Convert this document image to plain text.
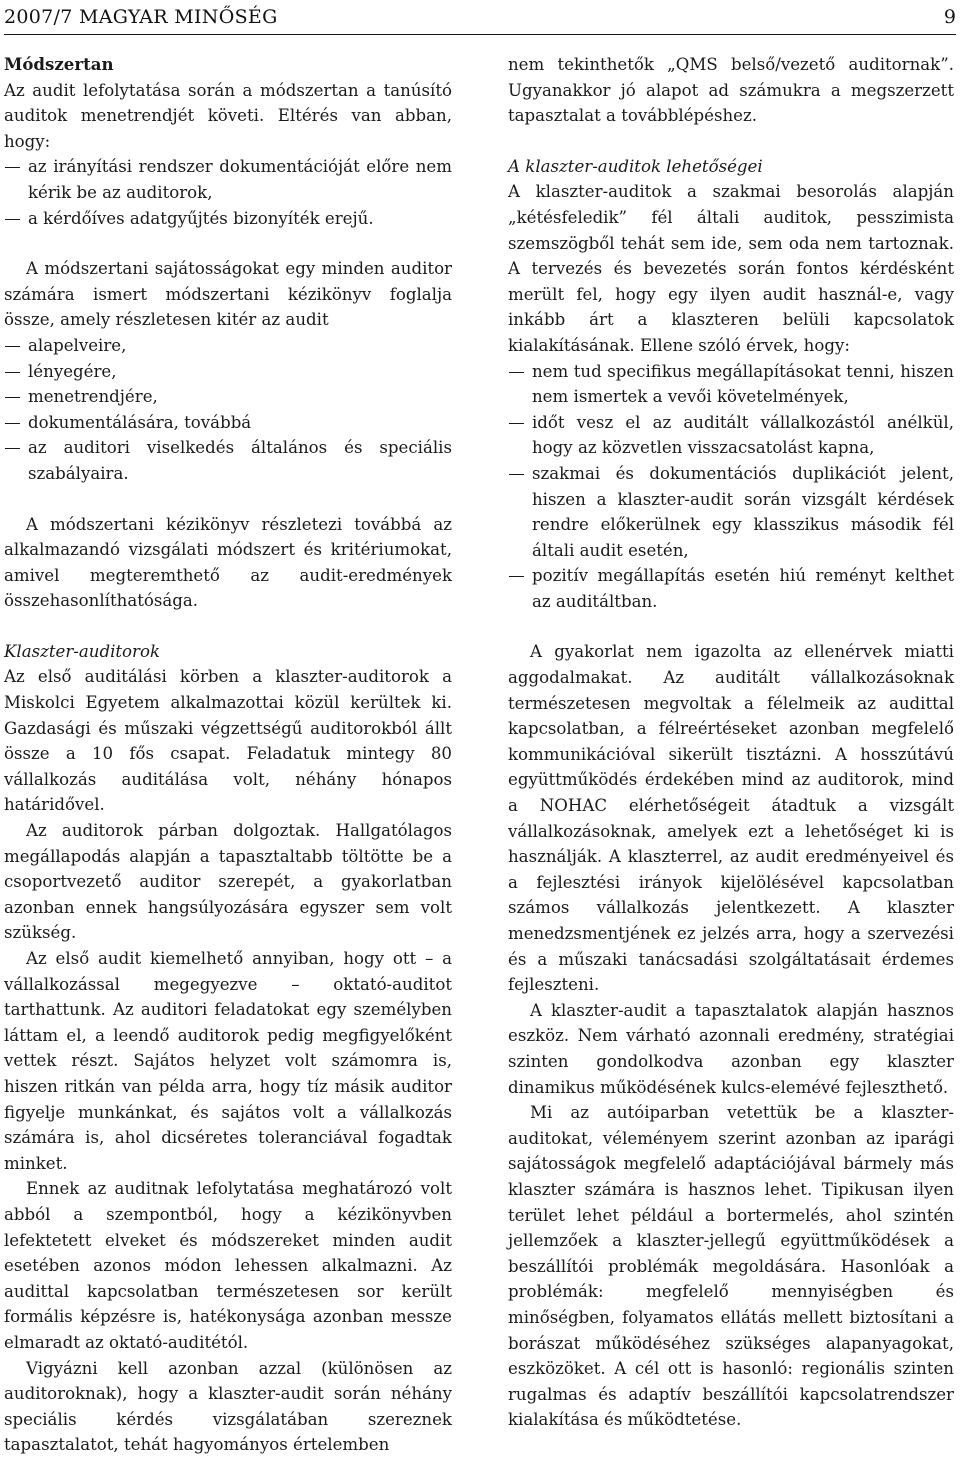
2007/7 MAGYAR MINŐSÉG	9

Módszertan

Az audit lefolytatása során a módszertan a tanúsító auditok menetrendjét követi. Eltérés van abban, hogy:

az irányítási rendszer dokumentációját előre nem kérik be az auditorok,
a kérdőíves adatgyűjtés bizonyíték erejű.

A módszertani sajátosságokat egy minden auditor számára ismert módszertani kézikönyv foglalja össze, amely részletesen kitér az audit

alapelveire,
lényegére,
menetrendjére,
dokumentálására, továbbá
az auditori viselkedés általános és speciális szabályaira.

A módszertani kézikönyv részletezi továbbá az alkalmazandó vizsgálati módszert és kritériumokat, amivel megteremthető az audit-eredmények összehasonlíthatósága.

Klaszter-auditorok

Az első auditálási körben a klaszter-auditorok a Miskolci Egyetem alkalmazottai közül kerültek ki. Gazdasági és műszaki végzettségű auditorokból állt össze a 10 fős csapat. Feladatuk mintegy 80 vállalkozás auditálása volt, néhány hónapos határidővel.

Az auditorok párban dolgoztak. Hallgatólagos megállapodás alapján a tapasztaltabb töltötte be a csoportvezető auditor szerepét, a gyakorlatban azonban ennek hangsúlyozására egyszer sem volt szükség.

Az első audit kiemelhető annyiban, hogy ott – a vállalkozással megegyezve – oktató-auditot tarthattunk. Az auditori feladatokat egy személyben láttam el, a leendő auditorok pedig megfigyelőként vettek részt. Sajátos helyzet volt számomra is, hiszen ritkán van példa arra, hogy tíz másik auditor figyelje munkánkat, és sajátos volt a vállalkozás számára is, ahol dicséretes toleranciával fogadtak minket.

Ennek az auditnak lefolytatása meghatározó volt abból a szempontból, hogy a kézikönyvben lefektetett elveket és módszereket minden audit esetében azonos módon lehessen alkalmazni. Az audittal kapcsolatban természetesen sor került formális képzésre is, hatékonysága azonban messze elmaradt az oktató-auditétól.

Vigyázni kell azonban azzal (különösen az auditoroknak), hogy a klaszter-audit során néhány speciális kérdés vizsgálatában szereznek tapasztalatot, tehát hagyományos értelemben

nem tekinthetők „QMS belső/vezető auditornak”. Ugyanakkor jó alapot ad számukra a megszerzett tapasztalat a továbblépéshez.

A klaszter-auditok lehetőségei

A klaszter-auditok a szakmai besorolás alapján „kétésfeledik” fél általi auditok, pesszimista szemszögből tehát sem ide, sem oda nem tartoznak. A tervezés és bevezetés során fontos kérdésként merült fel, hogy egy ilyen audit használ-e, vagy inkább árt a klaszteren belüli kapcsolatok kialakításának. Ellene szóló érvek, hogy:

nem tud specifikus megállapításokat tenni, hiszen nem ismertek a vevői követelmények,
időt vesz el az auditált vállalkozástól anélkül, hogy az közvetlen visszacsatolást kapna,
szakmai és dokumentációs duplikációt jelent, hiszen a klaszter-audit során vizsgált kérdések rendre előkerülnek egy klasszikus második fél általi audit esetén,
pozitív megállapítás esetén hiú reményt kelthet az auditáltban.

A gyakorlat nem igazolta az ellenérvek miatti aggodalmakat. Az auditált vállalkozásoknak természetesen megvoltak a félelmeik az audittal kapcsolatban, a félreértéseket azonban megfelelő kommunikációval sikerült tisztázni. A hosszútávú együttműködés érdekében mind az auditorok, mind a NOHAC elérhetőségeit átadtuk a vizsgált vállalkozásoknak, amelyek ezt a lehetőséget ki is használják. A klaszterrel, az audit eredményeivel és a fejlesztési irányok kijelölésével kapcsolatban számos vállalkozás jelentkezett. A klaszter menedzsmentjének ez jelzés arra, hogy a szervezési és a műszaki tanácsadási szolgáltatásait érdemes fejleszteni.

A klaszter-audit a tapasztalatok alapján hasznos eszköz. Nem várható azonnali eredmény, stratégiai szinten gondolkodva azonban egy klaszter dinamikus működésének kulcs-elemévé fejleszthető.

Mi az autóiparban vetettük be a klaszter-auditokat, véleményem szerint azonban az iparági sajátosságok megfelelő adaptációjával bármely más klaszter számára is hasznos lehet. Tipikusan ilyen terület lehet például a bortermelés, ahol szintén jellemzőek a klaszter-jellegű együttműködések a beszállítói problémák megoldására. Hasonlóak a problémák: megfelelő mennyiségben és minőségben, folyamatos ellátás mellett biztosítani a borászat működéséhez szükséges alapanyagokat, eszközöket. A cél ott is hasonló: regionális szinten rugalmas és adaptív beszállítói kapcsolatrendszer kialakítása és működtetése.
